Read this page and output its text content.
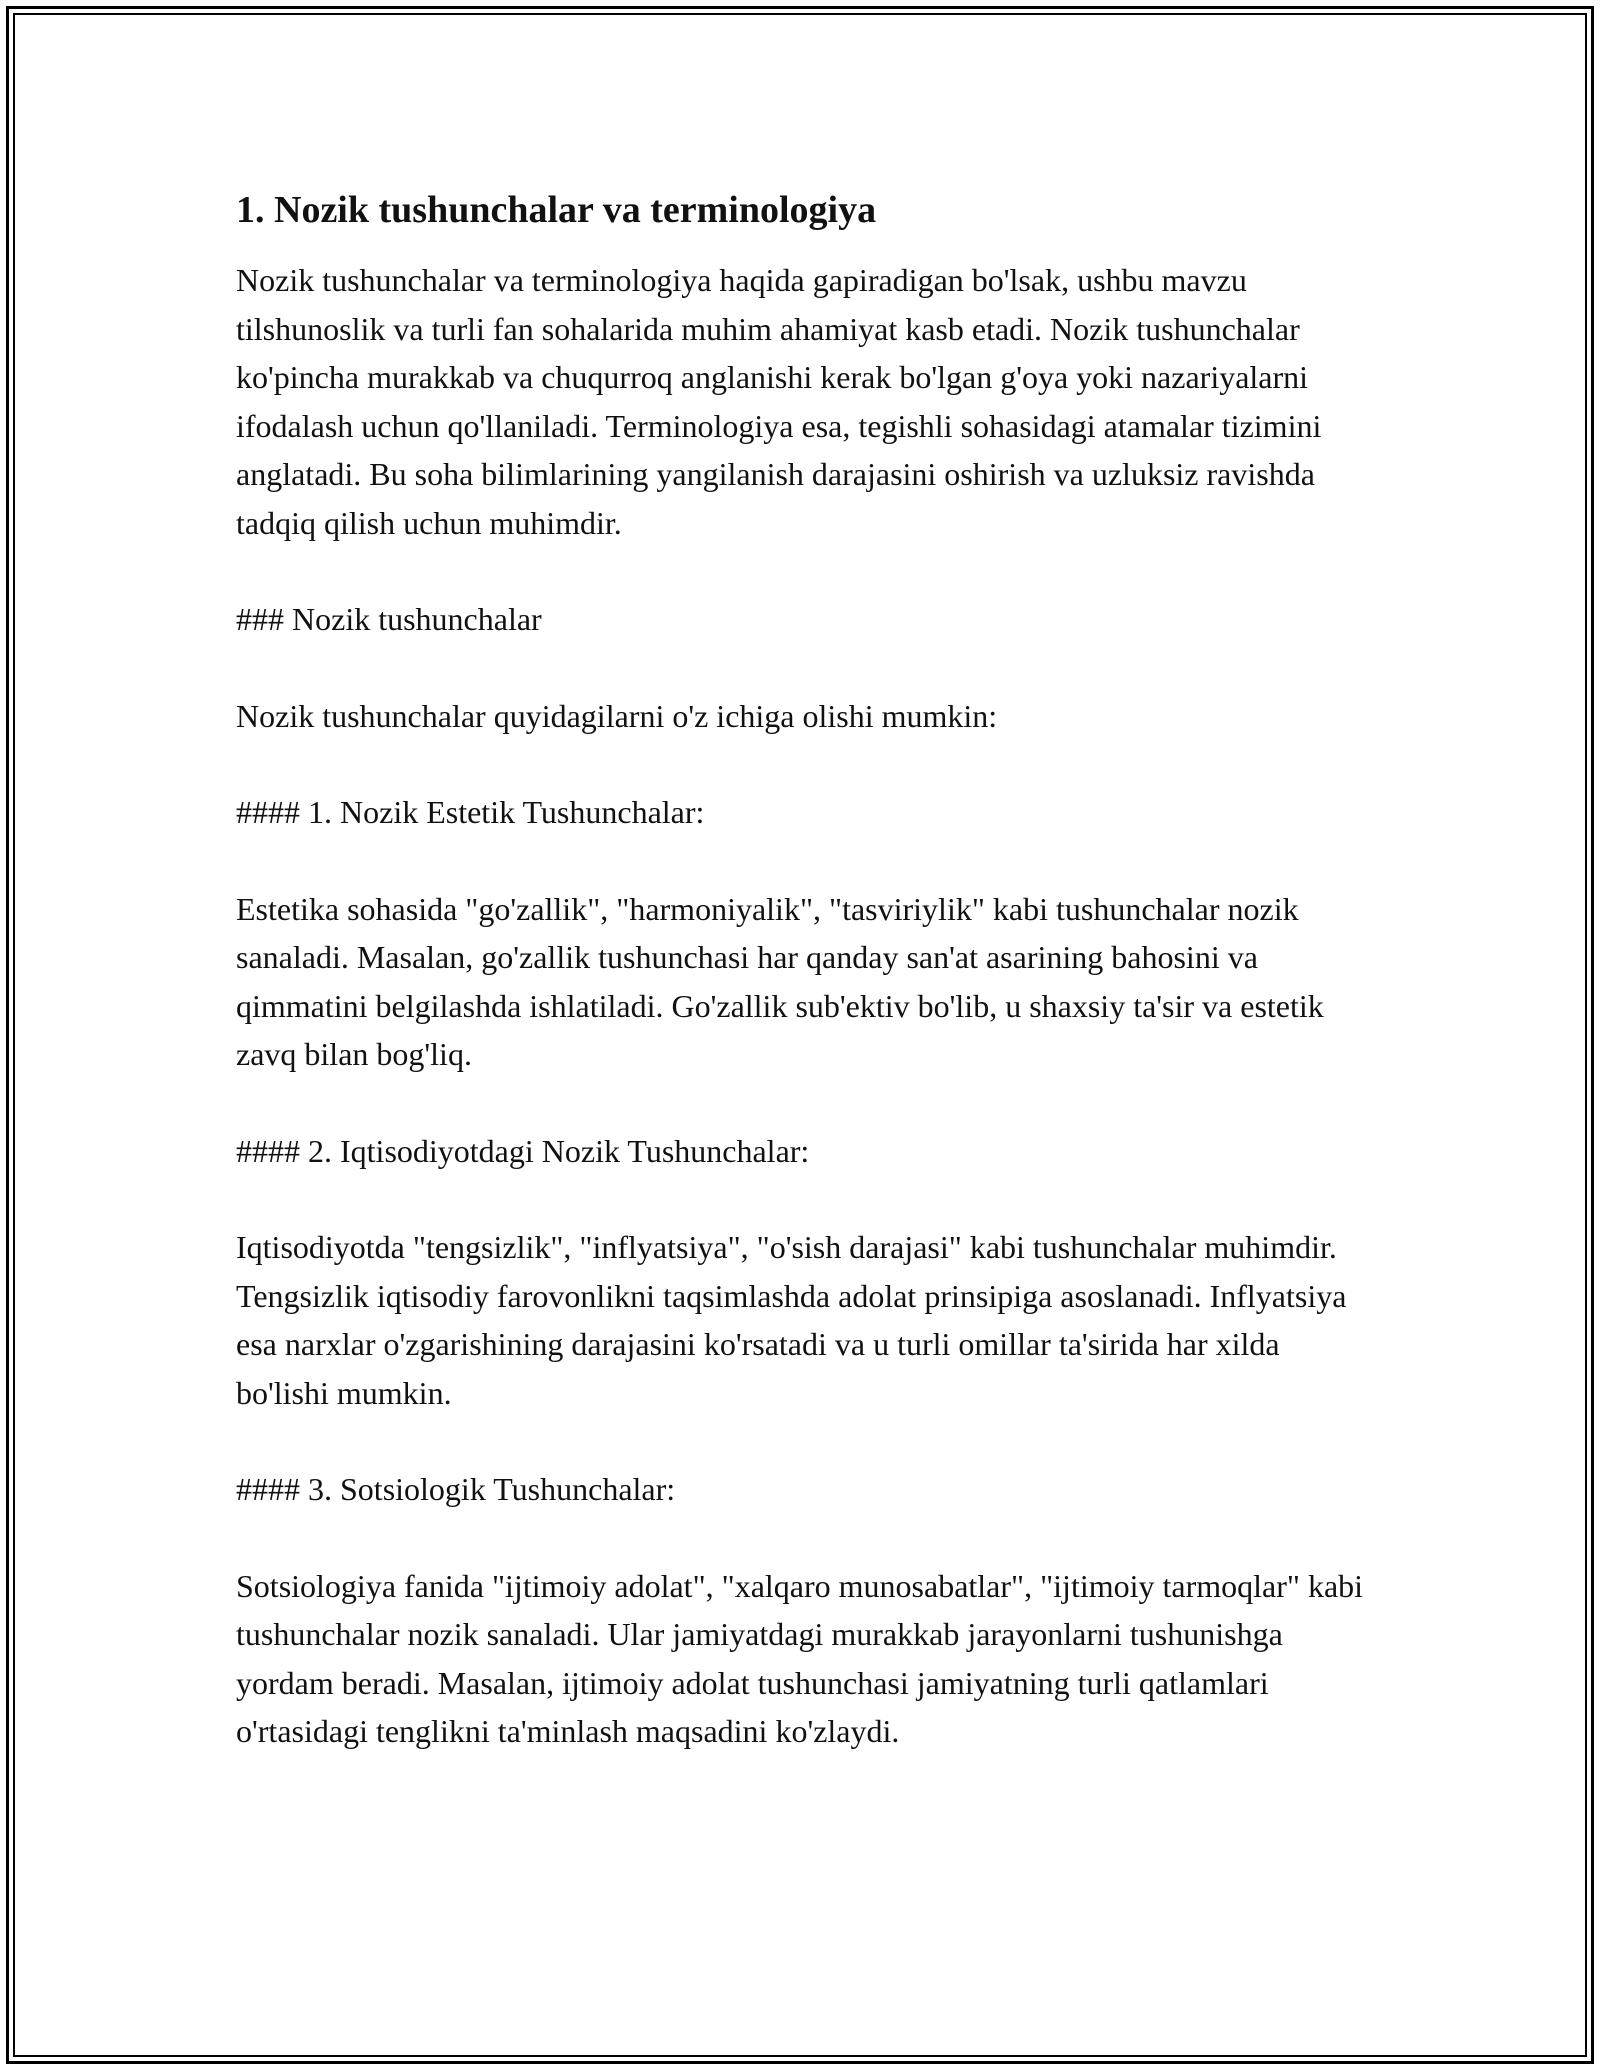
1. Nozik tushunchalar va terminologiya

Nozik tushunchalar va terminologiya haqida gapiradigan bo'lsak, ushbu mavzu tilshunoslik va turli fan sohalarida muhim ahamiyat kasb etadi. Nozik tushunchalar ko'pincha murakkab va chuqurroq anglanishi kerak bo'lgan g'oya yoki nazariyalarni ifodalash uchun qo'llaniladi. Terminologiya esa, tegishli sohasidagi atamalar tizimini anglatadi. Bu soha bilimlarining yangilanish darajasini oshirish va uzluksiz ravishda tadqiq qilish uchun muhimdir.

### Nozik tushunchalar

Nozik tushunchalar quyidagilarni o'z ichiga olishi mumkin:

#### 1. Nozik Estetik Tushunchalar:

Estetika sohasida "go'zallik", "harmoniyalik", "tasviriylik" kabi tushunchalar nozik sanaladi. Masalan, go'zallik tushunchasi har qanday san'at asarining bahosini va qimmatini belgilashda ishlatiladi. Go'zallik sub'ektiv bo'lib, u shaxsiy ta'sir va estetik zavq bilan bog'liq.

#### 2. Iqtisodiyotdagi Nozik Tushunchalar:

Iqtisodiyotda "tengsizlik", "inflyatsiya", "o'sish darajasi" kabi tushunchalar muhimdir. Tengsizlik iqtisodiy farovonlikni taqsimlashda adolat prinsipiga asoslanadi. Inflyatsiya esa narxlar o'zgarishining darajasini ko'rsatadi va u turli omillar ta'sirida har xilda bo'lishi mumkin.

#### 3. Sotsiologik Tushunchalar:

Sotsiologiya fanida "ijtimoiy adolat", "xalqaro munosabatlar", "ijtimoiy tarmoqlar" kabi tushunchalar nozik sanaladi. Ular jamiyatdagi murakkab jarayonlarni tushunishga yordam beradi. Masalan, ijtimoiy adolat tushunchasi jamiyatning turli qatlamlari o'rtasidagi tenglikni ta'minlash maqsadini ko'zlaydi.
